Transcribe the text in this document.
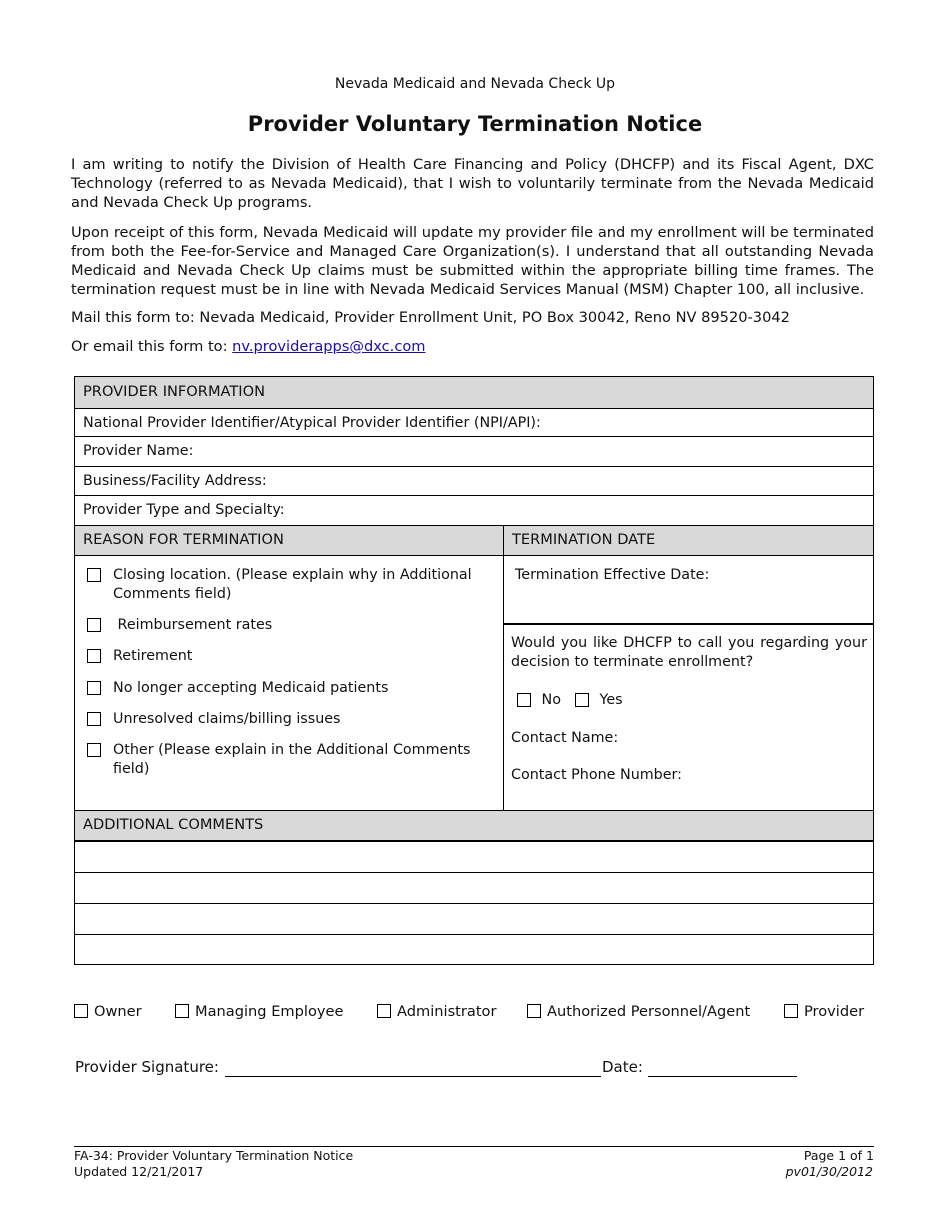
Nevada Medicaid and Nevada Check Up
Provider Voluntary Termination Notice

I am writing to notify the Division of Health Care Financing and Policy (DHCFP) and its Fiscal Agent, DXC Technology (referred to as Nevada Medicaid), that I wish to voluntarily terminate from the Nevada Medicaid and Nevada Check Up programs.

Upon receipt of this form, Nevada Medicaid will update my provider file and my enrollment will be terminated from both the Fee-for-Service and Managed Care Organization(s). I understand that all outstanding Nevada Medicaid and Nevada Check Up claims must be submitted within the appropriate billing time frames. The termination request must be in line with Nevada Medicaid Services Manual (MSM) Chapter 100, all inclusive.

Mail this form to: Nevada Medicaid, Provider Enrollment Unit, PO Box 30042, Reno NV 89520-3042
Or email this form to: nv.providerapps@dxc.com
PROVIDER INFORMATION
National Provider Identifier/Atypical Provider Identifier (NPI/API):
Provider Name:
Business/Facility Address:
Provider Type and Specialty:
REASON FOR TERMINATION	TERMINATION DATE
Closing location. (Please explain why in Additional Comments field)
Reimbursement rates
Retirement
No longer accepting Medicaid patients
Unresolved claims/billing issues
Other (Please explain in the Additional Comments field)
Termination Effective Date:
Would you like DHCFP to call you regarding your decision to terminate enrollment?
No	Yes
Contact Name:
Contact Phone Number:
ADDITIONAL COMMENTS
Owner	Managing Employee	Administrator	Authorized Personnel/Agent	Provider
Provider Signature:	Date:
FA-34: Provider Voluntary Termination Notice
Updated 12/21/2017
Page 1 of 1
pv01/30/2012
